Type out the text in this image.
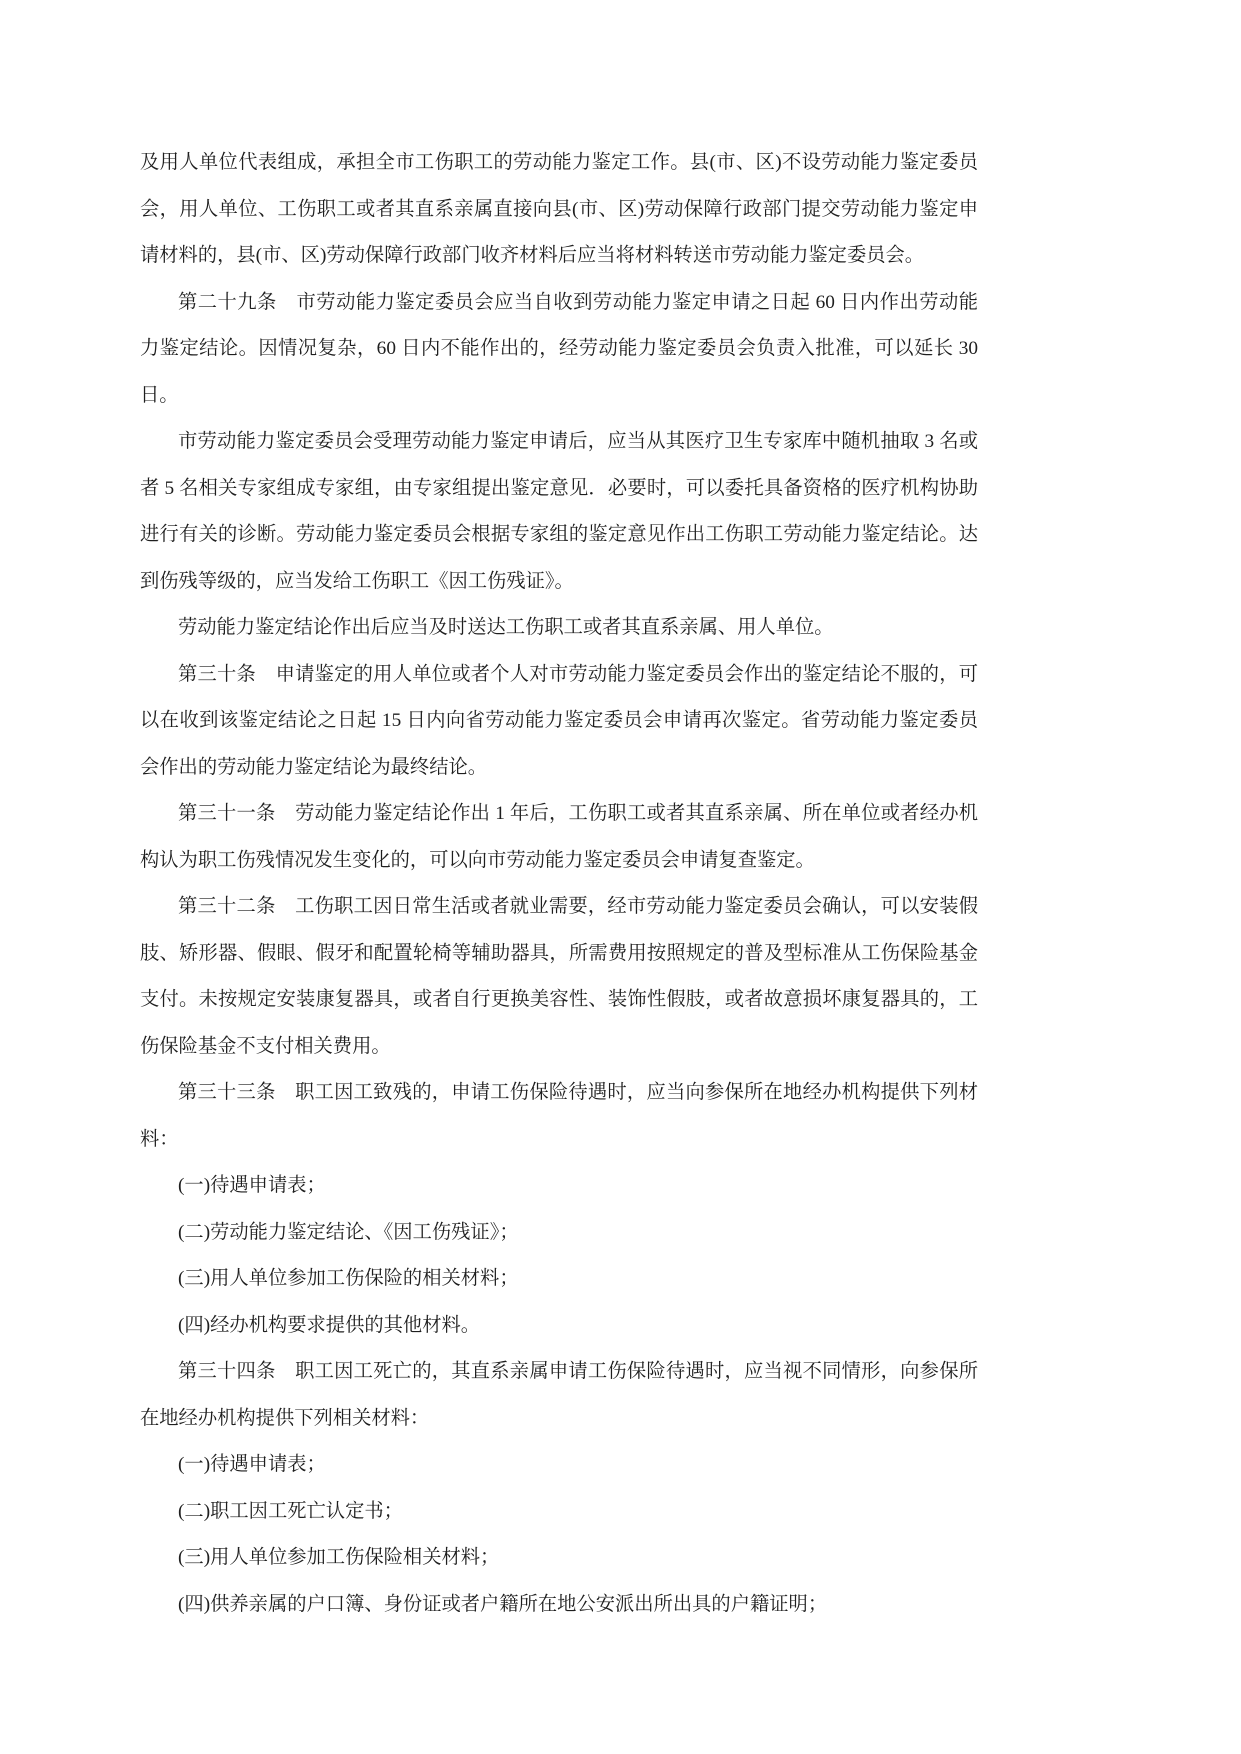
及用人单位代表组成，承担全市工伤职工的劳动能力鉴定工作。县(市、区)不设劳动能力鉴定委员
会，用人单位、工伤职工或者其直系亲属直接向县(市、区)劳动保障行政部门提交劳动能力鉴定申
请材料的，县(市、区)劳动保障行政部门收齐材料后应当将材料转送市劳动能力鉴定委员会。
第二十九条　市劳动能力鉴定委员会应当自收到劳动能力鉴定申请之日起 60 日内作出劳动能
力鉴定结论。因情况复杂，60 日内不能作出的，经劳动能力鉴定委员会负责入批准，可以延长 30
日。
市劳动能力鉴定委员会受理劳动能力鉴定申请后，应当从其医疗卫生专家库中随机抽取 3 名或
者 5 名相关专家组成专家组，由专家组提出鉴定意见．必要时，可以委托具备资格的医疗机构协助
进行有关的诊断。劳动能力鉴定委员会根据专家组的鉴定意见作出工伤职工劳动能力鉴定结论。达
到伤残等级的，应当发给工伤职工《因工伤残证》。
劳动能力鉴定结论作出后应当及时送达工伤职工或者其直系亲属、用人单位。
第三十条　申请鉴定的用人单位或者个人对市劳动能力鉴定委员会作出的鉴定结论不服的，可
以在收到该鉴定结论之日起 15 日内向省劳动能力鉴定委员会申请再次鉴定。省劳动能力鉴定委员
会作出的劳动能力鉴定结论为最终结论。
第三十一条　劳动能力鉴定结论作出 1 年后，工伤职工或者其直系亲属、所在单位或者经办机
构认为职工伤残情况发生变化的，可以向市劳动能力鉴定委员会申请复查鉴定。
第三十二条　工伤职工因日常生活或者就业需要，经市劳动能力鉴定委员会确认，可以安装假
肢、矫形器、假眼、假牙和配置轮椅等辅助器具，所需费用按照规定的普及型标准从工伤保险基金
支付。未按规定安装康复器具，或者自行更换美容性、装饰性假肢，或者故意损坏康复器具的，工
伤保险基金不支付相关费用。
第三十三条　职工因工致残的，申请工伤保险待遇时，应当向参保所在地经办机构提供下列材
料：
(一)待遇申请表；
(二)劳动能力鉴定结论、《因工伤残证》；
(三)用人单位参加工伤保险的相关材料；
(四)经办机构要求提供的其他材料。
第三十四条　职工因工死亡的，其直系亲属申请工伤保险待遇时，应当视不同情形，向参保所
在地经办机构提供下列相关材料：
(一)待遇申请表；
(二)职工因工死亡认定书；
(三)用人单位参加工伤保险相关材料；
(四)供养亲属的户口簿、身份证或者户籍所在地公安派出所出具的户籍证明；
